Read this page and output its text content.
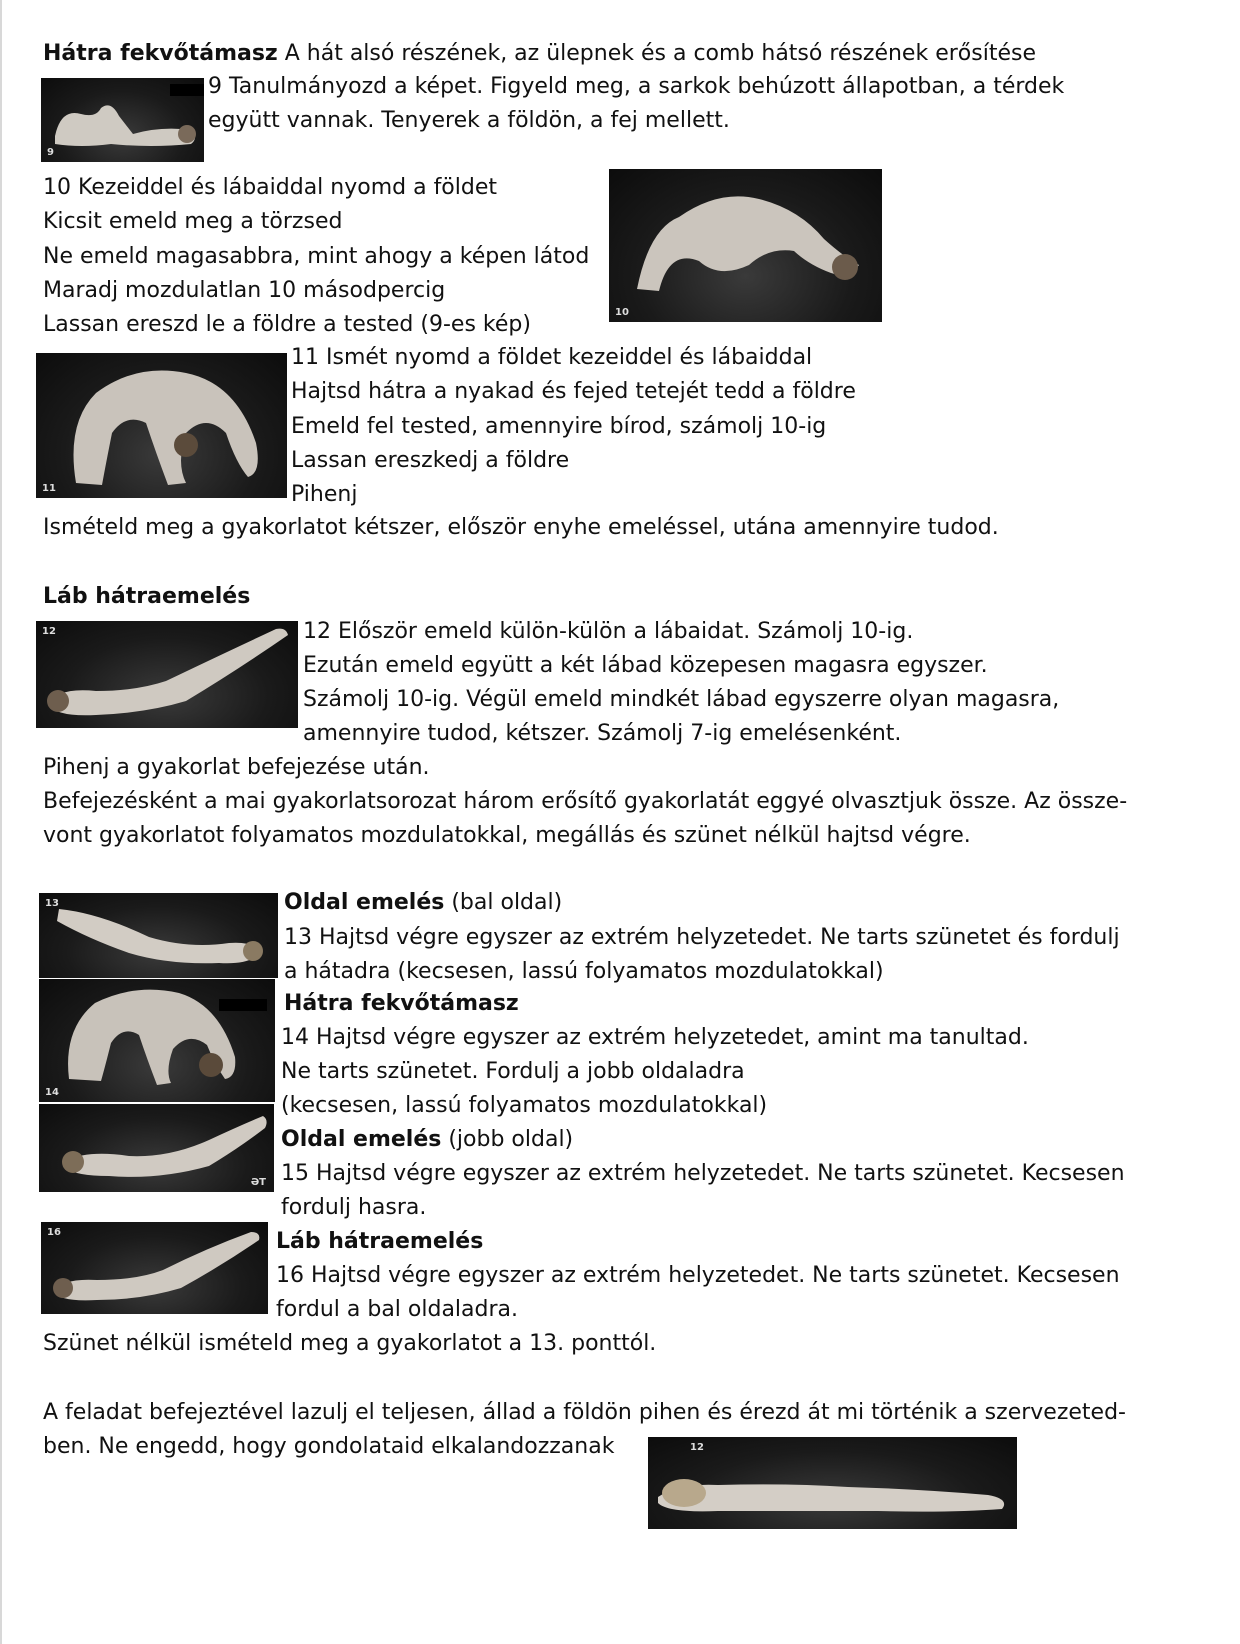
Hátra fekvőtámasz A hát alsó részének, az ülepnek és a comb hátsó részének erősítése

9

9 Tanulmányozd a képet. Figyeld meg, a sarkok behúzott állapotban, a térdek

együtt vannak. Tenyerek a földön, a fej mellett.

10 Kezeiddel és lábaiddal nyomd a földet

Kicsit emeld meg a törzsed

Ne emeld magasabbra, mint ahogy a képen látod

Maradj mozdulatlan 10 másodpercig

Lassan ereszd le a földre a tested (9-es kép)	10
11

11 Ismét nyomd a földet kezeiddel és lábaiddal

Hajtsd hátra a nyakad és fejed tetejét tedd a földre

Emeld fel tested, amennyire bírod, számolj 10-ig

Lassan ereszkedj a földre

Pihenj

Ismételd meg a gyakorlatot kétszer, először enyhe emeléssel, utána amennyire tudod.

Láb hátraemelés

12	12 Először emeld külön-külön a lábaidat. Számolj 10-ig.

Ezután emeld együtt a két lábad közepesen magasra egyszer.

Számolj 10-ig. Végül emeld mindkét lábad egyszerre olyan magasra,

amennyire tudod, kétszer. Számolj 7-ig emelésenként.

Pihenj a gyakorlat befejezése után.

Befejezésként a mai gyakorlatsorozat három erősítő gyakorlatát eggyé olvasztjuk össze. Az össze-

vont gyakorlatot folyamatos mozdulatokkal, megállás és szünet nélkül hajtsd végre.

13	Oldal emelés (bal oldal)

13 Hajtsd végre egyszer az extrém helyzetedet. Ne tarts szünetet és fordulj

a hátadra (kecsesen, lassú folyamatos mozdulatokkal)

14

Hátra fekvőtámasz

14 Hajtsd végre egyszer az extrém helyzetedet, amint ma tanultad.

Ne tarts szünetet. Fordulj a jobb oldaladra

(kecsesen, lassú folyamatos mozdulatokkal)

ƏT

Oldal emelés (jobb oldal)

15 Hajtsd végre egyszer az extrém helyzetedet. Ne tarts szünetet. Kecsesen

fordulj hasra.

16	Láb hátraemelés

16 Hajtsd végre egyszer az extrém helyzetedet. Ne tarts szünetet. Kecsesen

fordul a bal oldaladra.

Szünet nélkül ismételd meg a gyakorlatot a 13. ponttól.

A feladat befejeztével lazulj el teljesen, állad a földön pihen és érezd át mi történik a szervezeted-

ben. Ne engedd, hogy gondolataid elkalandozzanak	12
